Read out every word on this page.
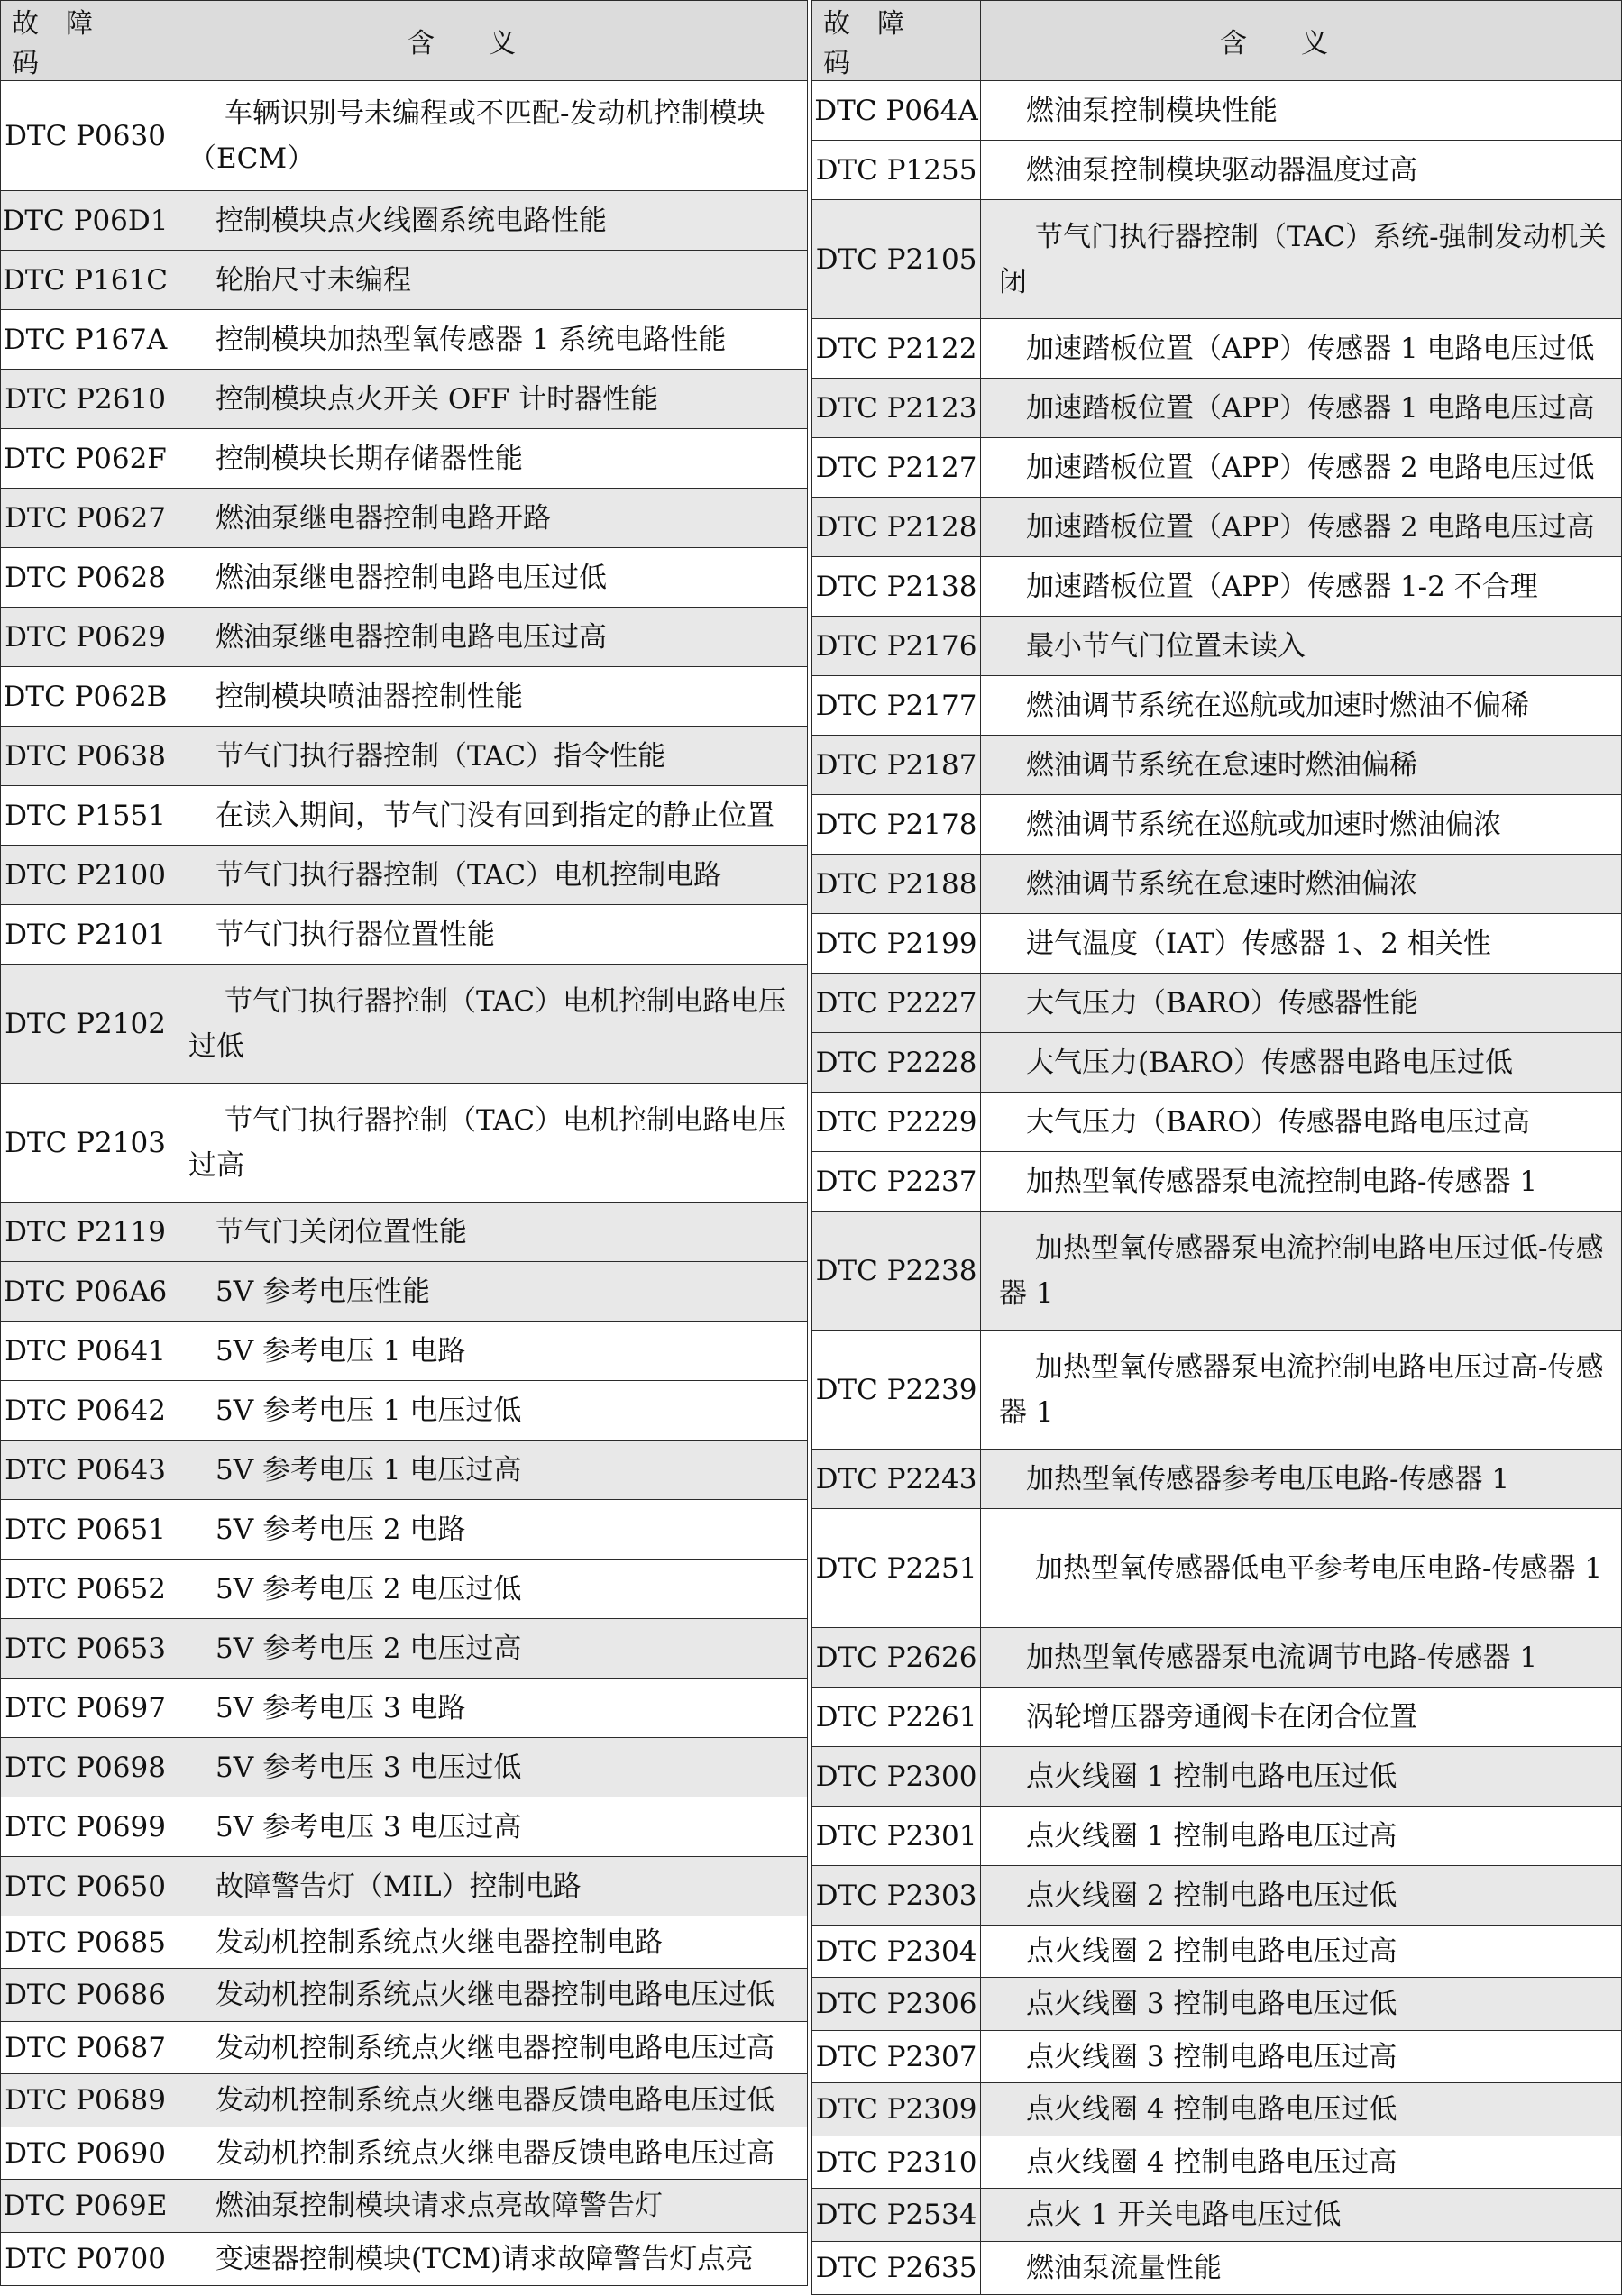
故障码	含义
DTC P0630	车辆识别号未编程或不匹配-发动机控制模块（ECM）
DTC P06D1	控制模块点火线圈系统电路性能
DTC P161C	轮胎尺寸未编程
DTC P167A	控制模块加热型氧传感器 1 系统电路性能
DTC P2610	控制模块点火开关 OFF 计时器性能
DTC P062F	控制模块长期存储器性能
DTC P0627	燃油泵继电器控制电路开路
DTC P0628	燃油泵继电器控制电路电压过低
DTC P0629	燃油泵继电器控制电路电压过高
DTC P062B	控制模块喷油器控制性能
DTC P0638	节气门执行器控制（TAC）指令性能
DTC P1551	在读入期间，节气门没有回到指定的静止位置
DTC P2100	节气门执行器控制（TAC）电机控制电路
DTC P2101	节气门执行器位置性能
DTC P2102	节气门执行器控制（TAC）电机控制电路电压过低
DTC P2103	节气门执行器控制（TAC）电机控制电路电压过高
DTC P2119	节气门关闭位置性能
DTC P06A6	5V 参考电压性能
DTC P0641	5V 参考电压 1 电路
DTC P0642	5V 参考电压 1 电压过低
DTC P0643	5V 参考电压 1 电压过高
DTC P0651	5V 参考电压 2 电路
DTC P0652	5V 参考电压 2 电压过低
DTC P0653	5V 参考电压 2 电压过高
DTC P0697	5V 参考电压 3 电路
DTC P0698	5V 参考电压 3 电压过低
DTC P0699	5V 参考电压 3 电压过高
DTC P0650	故障警告灯（MIL）控制电路
DTC P0685	发动机控制系统点火继电器控制电路
DTC P0686	发动机控制系统点火继电器控制电路电压过低
DTC P0687	发动机控制系统点火继电器控制电路电压过高
DTC P0689	发动机控制系统点火继电器反馈电路电压过低
DTC P0690	发动机控制系统点火继电器反馈电路电压过高
DTC P069E	燃油泵控制模块请求点亮故障警告灯
DTC P0700	变速器控制模块(TCM)请求故障警告灯点亮
故障码	含义
DTC P064A	燃油泵控制模块性能
DTC P1255	燃油泵控制模块驱动器温度过高
DTC P2105	节气门执行器控制（TAC）系统-强制发动机关闭
DTC P2122	加速踏板位置（APP）传感器 1 电路电压过低
DTC P2123	加速踏板位置（APP）传感器 1 电路电压过高
DTC P2127	加速踏板位置（APP）传感器 2 电路电压过低
DTC P2128	加速踏板位置（APP）传感器 2 电路电压过高
DTC P2138	加速踏板位置（APP）传感器 1-2 不合理
DTC P2176	最小节气门位置未读入
DTC P2177	燃油调节系统在巡航或加速时燃油不偏稀
DTC P2187	燃油调节系统在怠速时燃油偏稀
DTC P2178	燃油调节系统在巡航或加速时燃油偏浓
DTC P2188	燃油调节系统在怠速时燃油偏浓
DTC P2199	进气温度（IAT）传感器 1、2 相关性
DTC P2227	大气压力（BARO）传感器性能
DTC P2228	大气压力(BARO）传感器电路电压过低
DTC P2229	大气压力（BARO）传感器电路电压过高
DTC P2237	加热型氧传感器泵电流控制电路-传感器 1
DTC P2238	加热型氧传感器泵电流控制电路电压过低-传感器 1
DTC P2239	加热型氧传感器泵电流控制电路电压过高-传感器 1
DTC P2243	加热型氧传感器参考电压电路-传感器 1
DTC P2251	加热型氧传感器低电平参考电压电路-传感器 1
DTC P2626	加热型氧传感器泵电流调节电路-传感器 1
DTC P2261	涡轮增压器旁通阀卡在闭合位置
DTC P2300	点火线圈 1 控制电路电压过低
DTC P2301	点火线圈 1 控制电路电压过高
DTC P2303	点火线圈 2 控制电路电压过低
DTC P2304	点火线圈 2 控制电路电压过高
DTC P2306	点火线圈 3 控制电路电压过低
DTC P2307	点火线圈 3 控制电路电压过高
DTC P2309	点火线圈 4 控制电路电压过低
DTC P2310	点火线圈 4 控制电路电压过高
DTC P2534	点火 1 开关电路电压过低
DTC P2635	燃油泵流量性能
